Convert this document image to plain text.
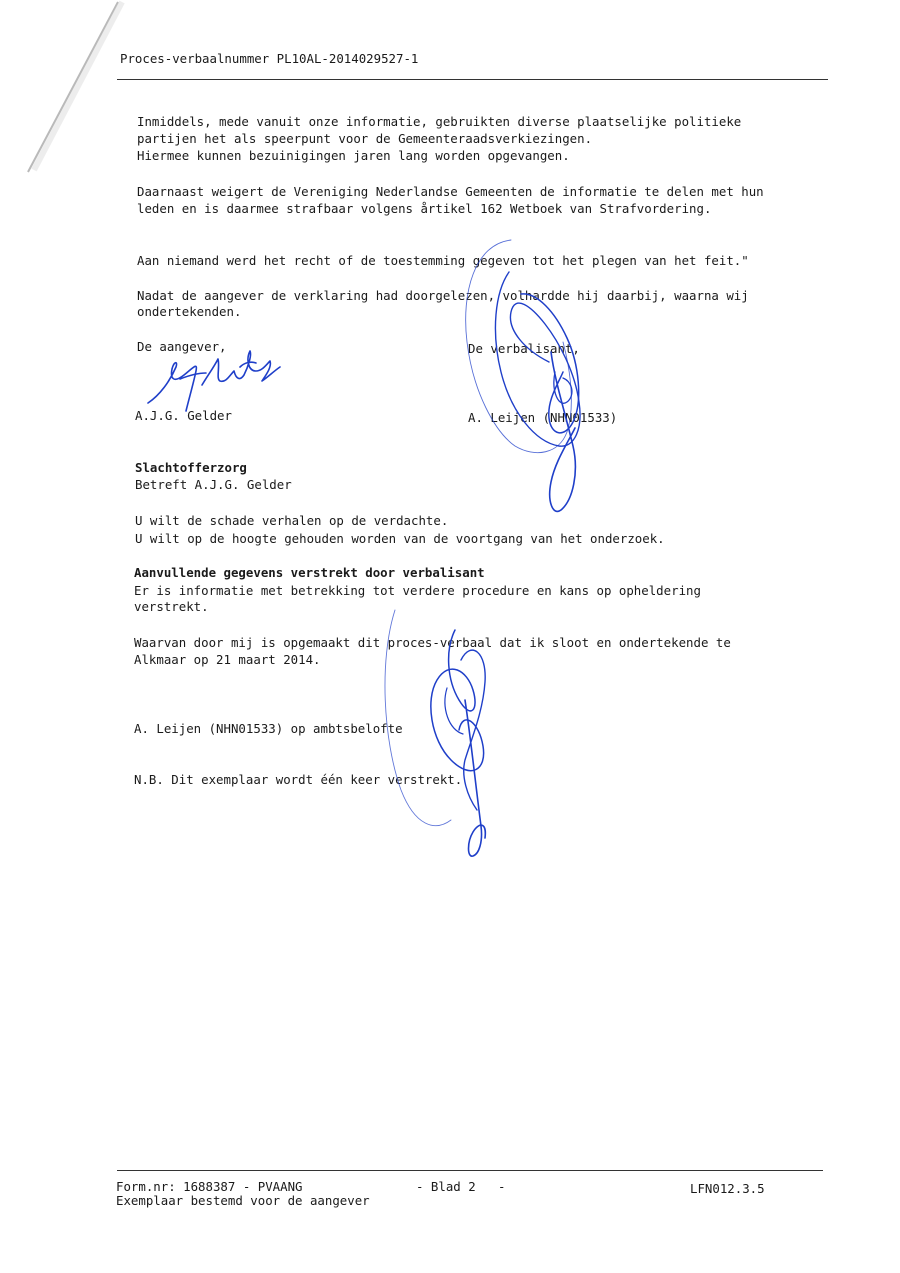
Proces-verbaalnummer PL10AL-2014029527-1
Inmiddels, mede vanuit onze informatie, gebruikten diverse plaatselijke politieke
partijen het als speerpunt voor de Gemeenteraadsverkiezingen.
Hiermee kunnen bezuinigingen jaren lang worden opgevangen.
Daarnaast weigert de Vereniging Nederlandse Gemeenten de informatie te delen met hun
leden en is daarmee strafbaar volgens årtikel 162 Wetboek van Strafvordering.
Aan niemand werd het recht of de toestemming gegeven tot het plegen van het feit."
Nadat de aangever de verklaring had doorgelezen, volhardde hij daarbij, waarna wij
ondertekenden.
De aangever,	De verbalisant,
A.J.G. Gelder	A. Leijen (NHN01533)
Slachtofferzorg
Betreft A.J.G. Gelder
U wilt de schade verhalen op de verdachte.
U wilt op de hoogte gehouden worden van de voortgang van het onderzoek.
Aanvullende gegevens verstrekt door verbalisant
Er is informatie met betrekking tot verdere procedure en kans op opheldering
verstrekt.
Waarvan door mij is opgemaakt dit proces-verbaal dat ik sloot en ondertekende te
Alkmaar op 21 maart 2014.
A. Leijen (NHN01533) op ambtsbelofte
N.B. Dit exemplaar wordt één keer verstrekt.
Form.nr: 1688387 - PVAANG	- Blad 2   -	LFN012.3.5
Exemplaar bestemd voor de aangever
